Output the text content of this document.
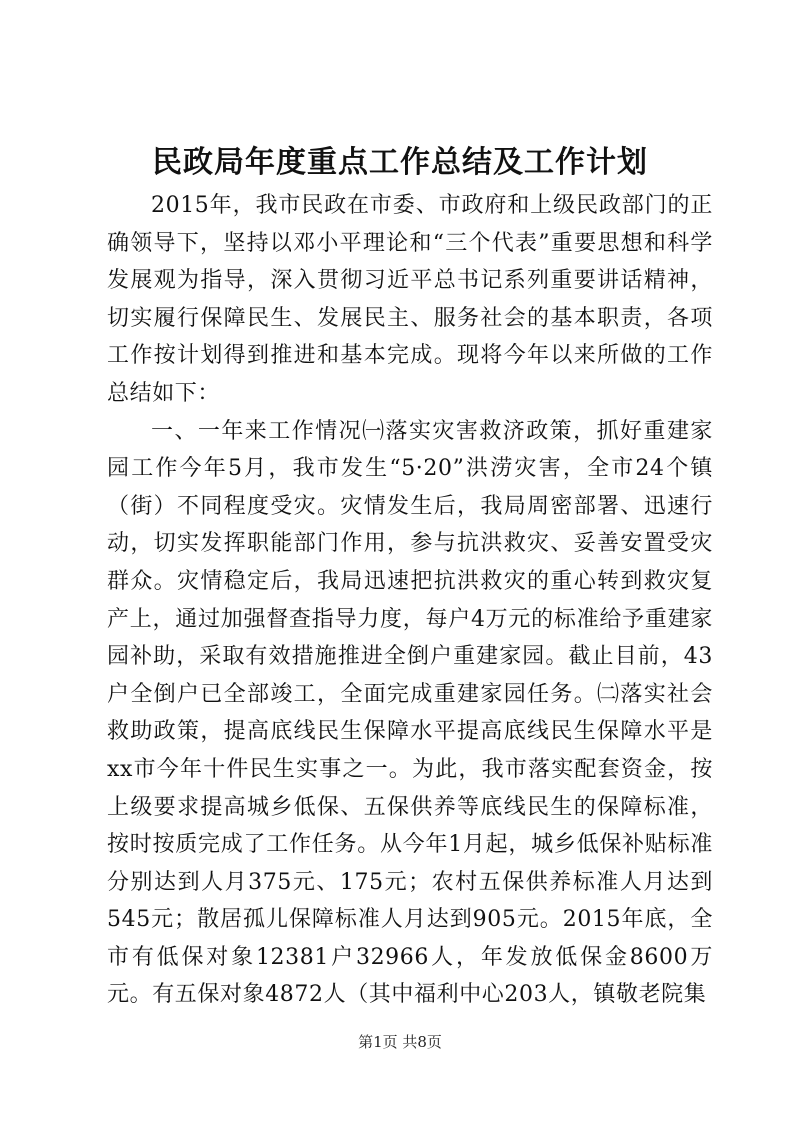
民政局年度重点工作总结及工作计划

2015年，我市民政在市委、市政府和上级民政部门的正确领导下，坚持以邓小平理论和“三个代表”重要思想和科学发展观为指导，深入贯彻习近平总书记系列重要讲话精神，切实履行保障民生、发展民主、服务社会的基本职责，各项工作按计划得到推进和基本完成。现将今年以来所做的工作总结如下：

一、一年来工作情况㈠落实灾害救济政策，抓好重建家园工作今年5月，我市发生“5·20”洪涝灾害，全市24个镇（街）不同程度受灾。灾情发生后，我局周密部署、迅速行动，切实发挥职能部门作用，参与抗洪救灾、妥善安置受灾群众。灾情稳定后，我局迅速把抗洪救灾的重心转到救灾复产上，通过加强督查指导力度，每户4万元的标准给予重建家园补助，采取有效措施推进全倒户重建家园。截止目前，43户全倒户已全部竣工，全面完成重建家园任务。㈡落实社会救助政策，提高底线民生保障水平提高底线民生保障水平是xx市今年十件民生实事之一。为此，我市落实配套资金，按上级要求提高城乡低保、五保供养等底线民生的保障标准，按时按质完成了工作任务。从今年1月起，城乡低保补贴标准分别达到人月375元、175元；农村五保供养标准人月达到545元；散居孤儿保障标准人月达到905元。2015年底，全市有低保对象12381户32966人，年发放低保金8600万元。有五保对象4872人（其中福利中心203人，镇敬老院集

第1页 共8页
